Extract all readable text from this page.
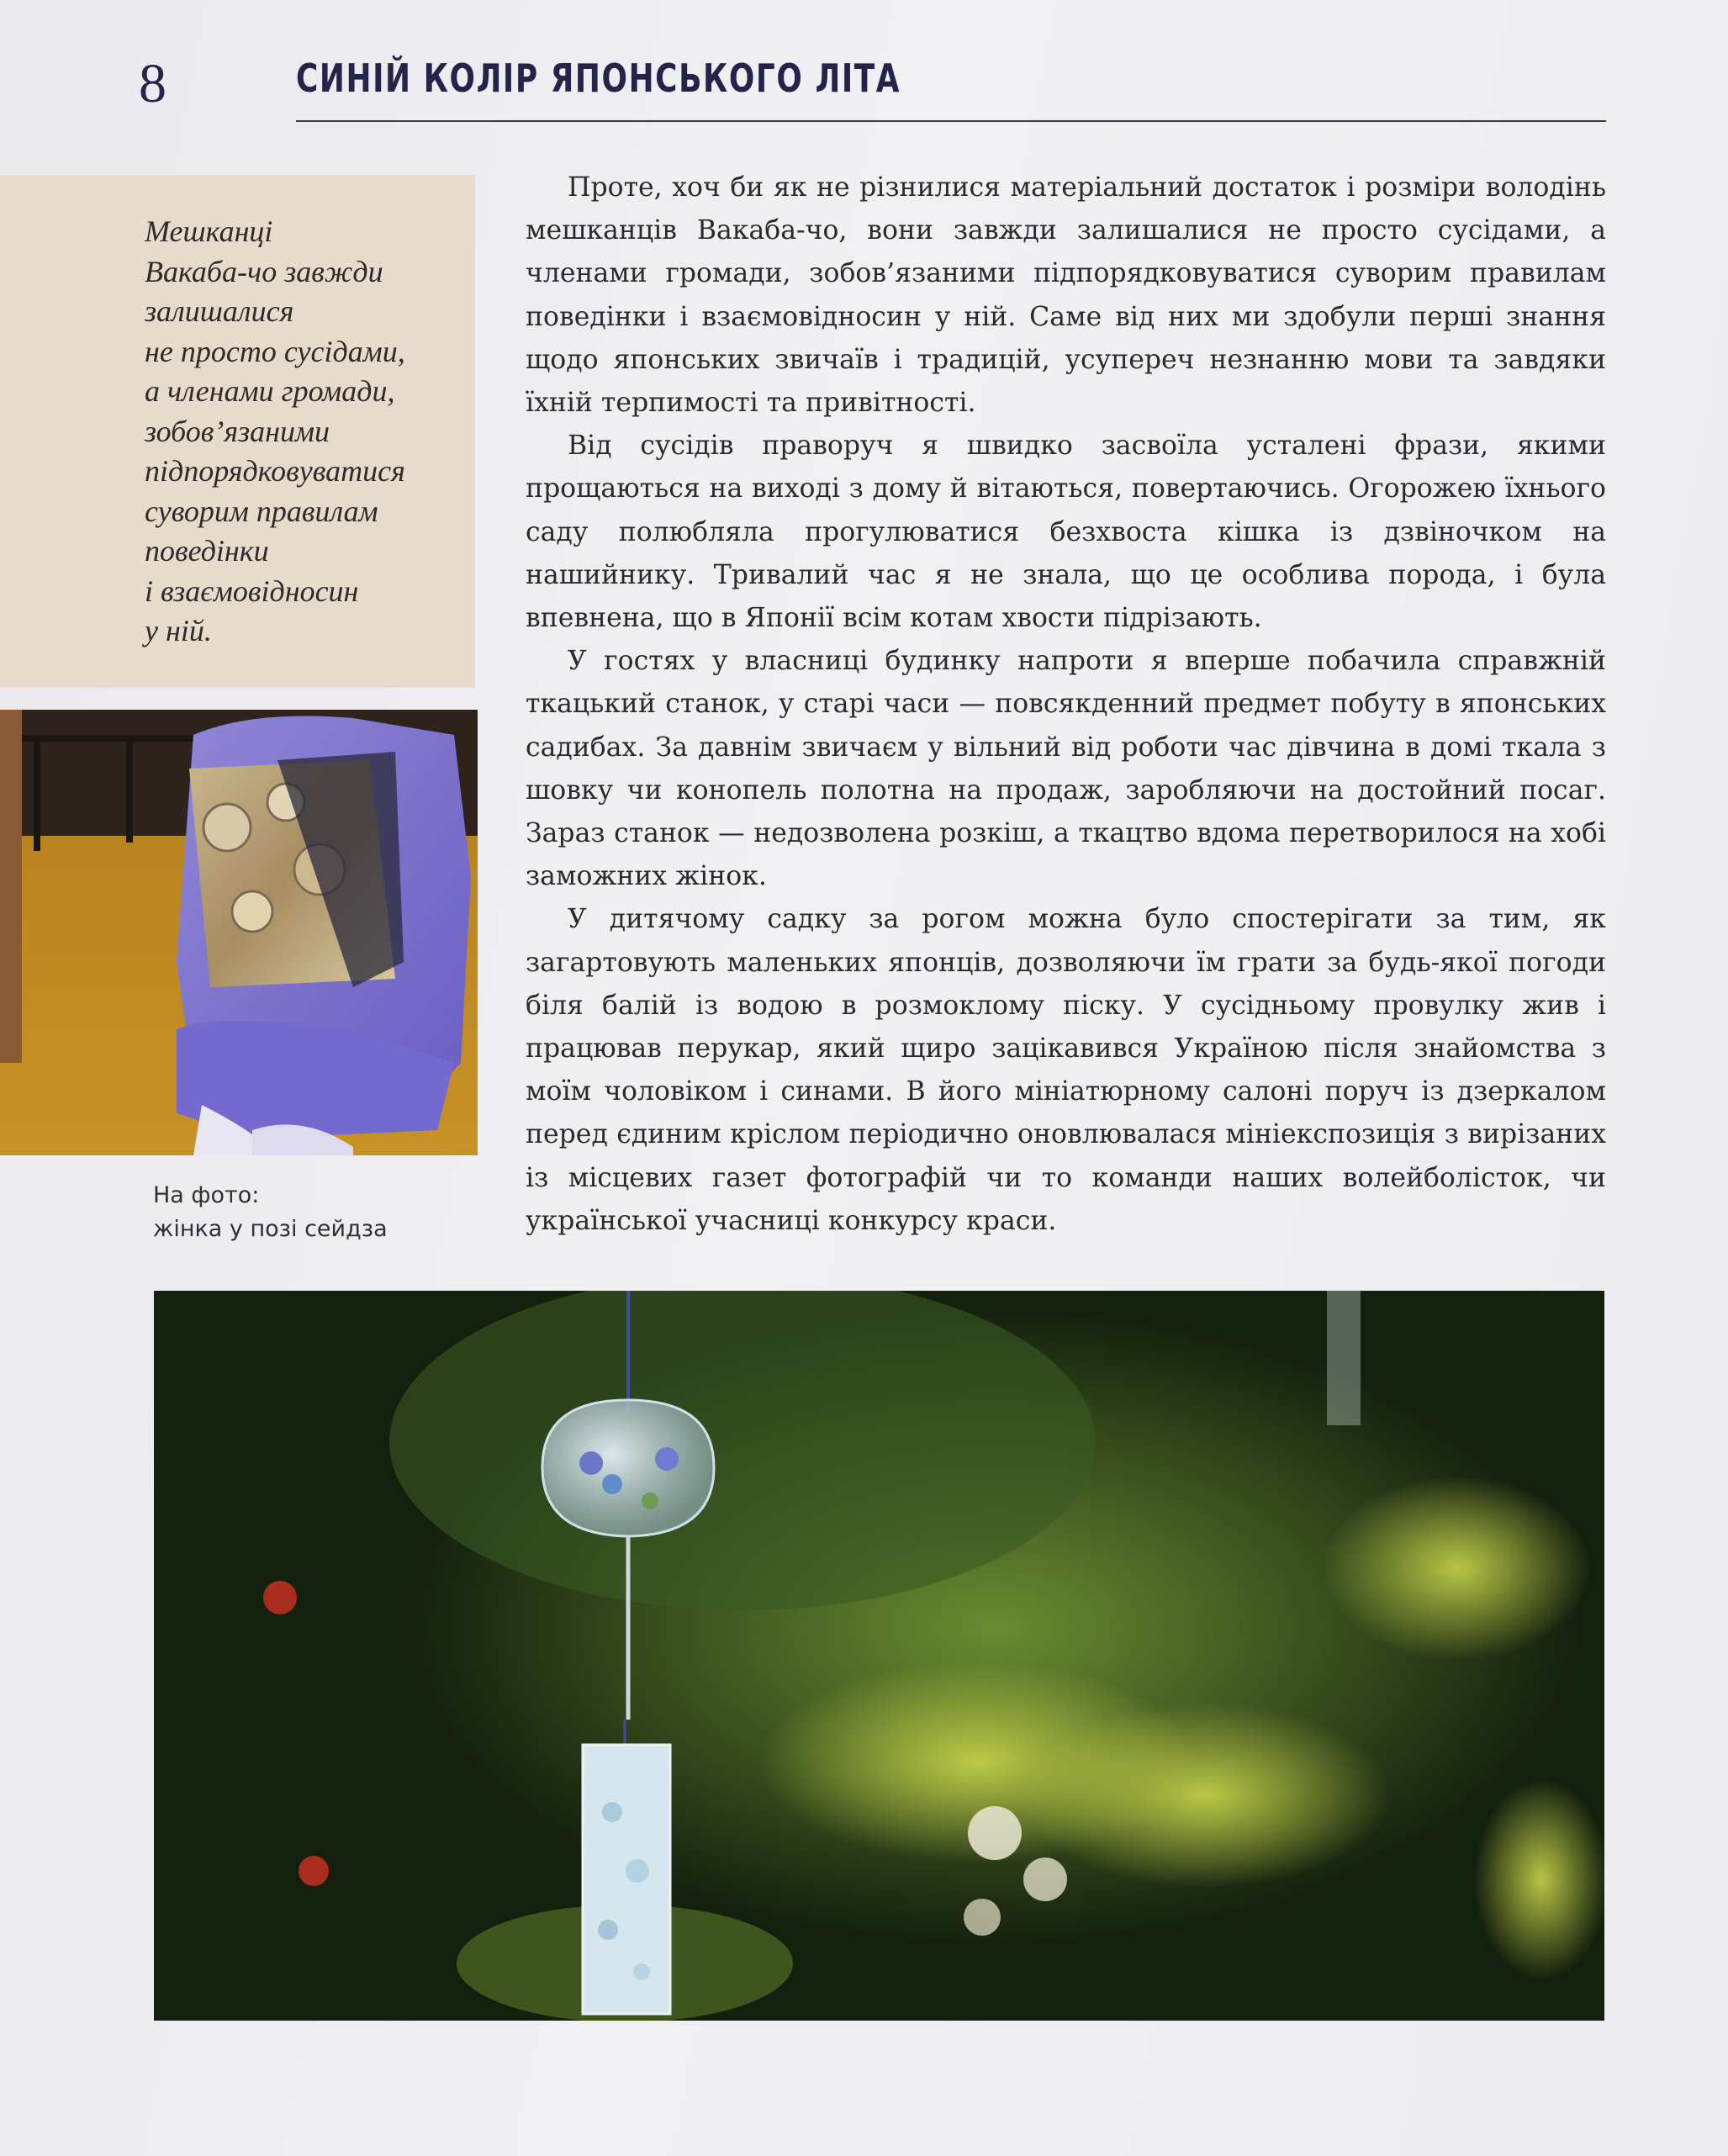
8	СИНІЙ КОЛІР ЯПОНСЬКОГО ЛІТА
Мешканці
Вакаба-чо завжди
залишалися
не просто сусідами,
а членами громади,
зобов’язаними
підпорядковуватися
суворим правилам
поведінки
і взаємовідносин
у ній.
На фото:
жінка у позі сейдза

Проте, хоч би як не різнилися матеріальний достаток і розміри володінь мешканців Вакаба-чо, вони завжди залишалися не просто сусідами, а членами громади, зобов’язаними підпорядковуватися суворим правилам поведінки і взаємовідносин у ній. Саме від них ми здобули перші знання щодо японських звичаїв і традицій, усупереч незнанню мови та завдяки їхній терпимості та привітності.

Від сусідів праворуч я швидко засвоїла усталені фрази, якими прощаються на виході з дому й вітаються, повертаючись. Огорожею їхнього саду полюбляла прогулюватися безхвоста кішка із дзвіночком на нашийнику. Тривалий час я не знала, що це особлива порода, і була впевнена, що в Японії всім котам хвости підрізають.

У гостях у власниці будинку напроти я вперше побачила справжній ткацький станок, у старі часи — повсякденний предмет побуту в японських садибах. За давнім звичаєм у вільний від роботи час дівчина в домі ткала з шовку чи конопель полотна на продаж, заробляючи на достойний посаг. Зараз станок — недозволена розкіш, а ткацтво вдома перетворилося на хобі заможних жінок.

У дитячому садку за рогом можна було спостерігати за тим, як загартовують маленьких японців, дозволяючи їм грати за будь-якої погоди біля балій із водою в розмоклому піску. У сусідньому провулку жив і працював перукар, який щиро зацікавився Україною після знайомства з моїм чоловіком і синами. В його мініатюрному салоні поруч із дзеркалом перед єдиним кріслом періодично оновлювалася мініекспозиція з вирізаних із місцевих газет фотографій чи то команди наших волейболісток, чи української учасниці конкурсу краси.
